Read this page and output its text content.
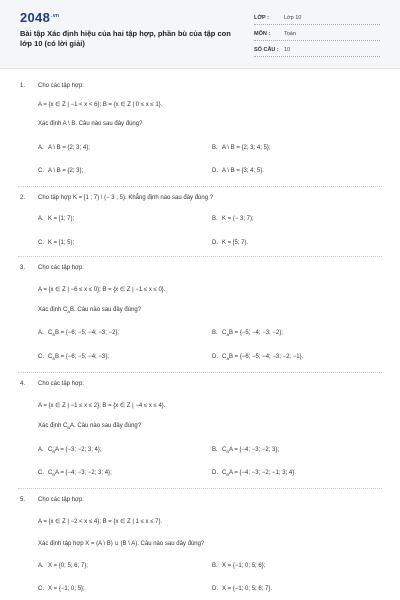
$2048^{.vn}$
Bài tập Xác định hiệu của hai tập hợp, phần bù của tập con lớp 10 (có lời giải)
LỚP :	Lớp 10
MÔN :	Toán
SỐ CÂU : 10
1. Cho các tập hợp:
A = {x ∈ Z | −1 < x < 6}; B = {x ∈ Z | 0 ≤ x ≤ 1}.
Xác định A \ B. Câu nào sau đây đúng?
A. A \ B = {2; 3; 4};	B. A \ B = {2; 3; 4; 5};
C. A \ B = {2; 3};	D. A \ B = {3; 4; 5}.
2. Cho tập hợp K = [1 ; 7) \ (− 3 ; 5). Khẳng định nào sau đây đúng ?
A. K = [1; 7);	B. K = (− 3; 7);
C. K = [1; 5);	D. K = [5; 7).
3. Cho các tập hợp:
A = {x ∈ Z | −6 ≤ x ≤ 0}; B = {x ∈ Z | −1 ≤ x ≤ 0}.
Xác định $C_AB$. Câu nào sau đây đúng?
A. $C_AB = \{-6$; −5; −4; −3; −2};	B. $C_AB = \{-5$; −4; −3; −2};
C. $C_AB = \{-6$; −5; −4; −3};	D. $C_AB = \{-6$; −5; −4; −3; −2; −1}.
4. Cho các tập hợp:
A = {x ∈ Z | −1 ≤ x ≤ 2}; B = {x ∈ Z | −4 ≤ x ≤ 4}.
Xác định $C_BA$. Câu nào sau đây đúng?
A. $C_BA = \{-3$; −2; 3; 4};	B. $C_BA = \{-4$; −3; −2; 3};
C. $C_BA = \{-4$; −3; −2; 3; 4};	D. $C_BA = \{-4$; −3; −2; −1; 3; 4}.
5. Cho các tập hợp:
A = {x ∈ Z | −2 < x ≤ 4}; B = {x ∈ Z | 1 ≤ x ≤ 7}.
Xác định tập hợp X = (A \ B) ∪ (B \ A). Câu nào sau đây đúng?
A. X = {0; 5; 6; 7};	B. X = {−1; 0; 5; 6};
C. X = {−1; 0; 5};	D. X = {−1; 0; 5; 6; 7}.
